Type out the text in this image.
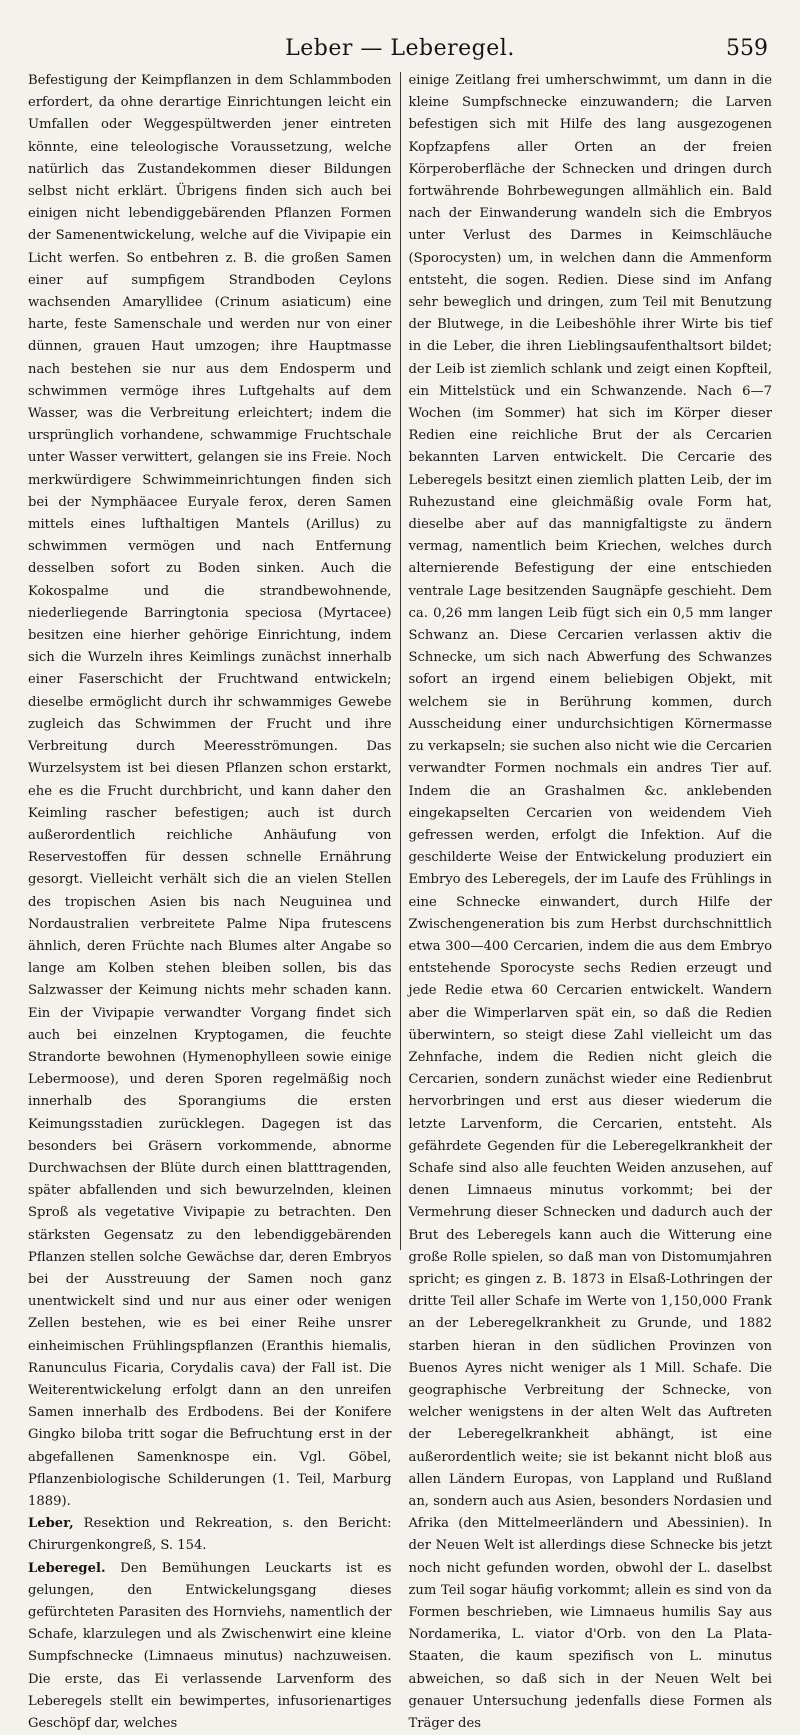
Leber — Leberegel.	559

Befestigung der Keimpflanzen in dem Schlammboden erfordert, da ohne derartige Einrichtungen leicht ein Umfallen oder Weggespültwerden jener eintreten könnte, eine teleologische Voraussetzung, welche natürlich das Zustandekommen dieser Bildungen selbst nicht erklärt. Übrigens finden sich auch bei einigen nicht lebendiggebärenden Pflanzen Formen der Samenentwickelung, welche auf die Vivipарie ein Licht werfen. So entbehren z. B. die großen Samen einer auf sumpfigem Strandboden Ceylons wachsenden Amaryllidee (Crinum asiaticum) eine harte, feste Samenschale und werden nur von einer dünnen, grauen Haut umzogen; ihre Hauptmasse nach bestehen sie nur aus dem Endosperm und schwimmen vermöge ihres Luftgehalts auf dem Wasser, was die Verbreitung erleichtert; indem die ursprünglich vorhandene, schwammige Fruchtschale unter Wasser verwittert, gelangen sie ins Freie. Noch merkwürdigere Schwimmeinrichtungen finden sich bei der Nymphäacee Euryale ferox, deren Samen mittels eines lufthaltigen Mantels (Arillus) zu schwimmen vermögen und nach Entfernung desselben sofort zu Boden sinken. Auch die Kokospalme und die strandbewohnende, niederliegende Barringtonia speciosa (Myrtacee) besitzen eine hierher gehörige Einrichtung, indem sich die Wurzeln ihres Keimlings zunächst innerhalb einer Faserschicht der Fruchtwand entwickeln; dieselbe ermöglicht durch ihr schwammiges Gewebe zugleich das Schwimmen der Frucht und ihre Verbreitung durch Meeresströmungen. Das Wurzelsystem ist bei diesen Pflanzen schon erstarkt, ehe es die Frucht durchbricht, und kann daher den Keimling rascher befestigen; auch ist durch außerordentlich reichliche Anhäufung von Reservestoffen für dessen schnelle Ernährung gesorgt. Vielleicht verhält sich die an vielen Stellen des tropischen Asien bis nach Neuguinea und Nordaustralien verbreitete Palme Nipa frutescens ähnlich, deren Früchte nach Blumes alter Angabe so lange am Kolben stehen bleiben sollen, bis das Salzwasser der Keimung nichts mehr schaden kann. Ein der Vivipарie verwandter Vorgang findet sich auch bei einzelnen Kryptogamen, die feuchte Strandorte bewohnen (Hymenophylleen sowie einige Lebermoose), und deren Sporen regelmäßig noch innerhalb des Sporangiums die ersten Keimungsstadien zurücklegen. Dagegen ist das besonders bei Gräsern vorkommende, abnorme Durchwachsen der Blüte durch einen blatttragenden, später abfallenden und sich bewurzelnden, kleinen Sproß als vegetative Vivipарie zu betrachten. Den stärksten Gegensatz zu den lebendiggebärenden Pflanzen stellen solche Gewächse dar, deren Embryos bei der Ausstreuung der Samen noch ganz unentwickelt sind und nur aus einer oder wenigen Zellen bestehen, wie es bei einer Reihe unsrer einheimischen Frühlingspflanzen (Eranthis hiemalis, Ranunculus Ficaria, Corydalis cava) der Fall ist. Die Weiterentwickelung erfolgt dann an den unreifen Samen innerhalb des Erdbodens. Bei der Konifere Gingko biloba tritt sogar die Befruchtung erst in der abgefallenen Samenknospe ein. Vgl. Göbel, Pflanzenbiologische Schilderungen (1. Teil, Marburg 1889).

Leber, Resektion und Rekreation, s. den Bericht: Chirurgenkongreß, S. 154.

Leberegel. Den Bemühungen Leuckarts ist es gelungen, den Entwickelungsgang dieses gefürchteten Parasiten des Hornviehs, namentlich der Schafe, klarzulegen und als Zwischenwirt eine kleine Sumpfschnecke (Limnaeus minutus) nachzuweisen. Die erste, das Ei verlassende Larvenform des Leberegels stellt ein bewimpertes, infusorienartiges Geschöpf dar, welches

einige Zeitlang frei umherschwimmt, um dann in die kleine Sumpfschnecke einzuwandern; die Larven befestigen sich mit Hilfe des lang ausgezogenen Kopfzapfens aller Orten an der freien Körperoberfläche der Schnecken und dringen durch fortwährende Bohrbewegungen allmählich ein. Bald nach der Einwanderung wandeln sich die Embryos unter Verlust des Darmes in Keimschläuche (Sporocysten) um, in welchen dann die Ammenform entsteht, die sogen. Redien. Diese sind im Anfang sehr beweglich und dringen, zum Teil mit Benutzung der Blutwege, in die Leibeshöhle ihrer Wirte bis tief in die Leber, die ihren Lieblingsaufenthaltsort bildet; der Leib ist ziemlich schlank und zeigt einen Kopfteil, ein Mittelstück und ein Schwanzende. Nach 6—7 Wochen (im Sommer) hat sich im Körper dieser Redien eine reichliche Brut der als Cercarien bekannten Larven entwickelt. Die Cercarie des Leberegels besitzt einen ziemlich platten Leib, der im Ruhezustand eine gleichmäßig ovale Form hat, dieselbe aber auf das mannigfaltigste zu ändern vermag, namentlich beim Kriechen, welches durch alternierende Befestigung der eine entschieden ventrale Lage besitzenden Saugnäpfe geschieht. Dem ca. 0,26 mm langen Leib fügt sich ein 0,5 mm langer Schwanz an. Diese Cercarien verlassen aktiv die Schnecke, um sich nach Abwerfung des Schwanzes sofort an irgend einem beliebigen Objekt, mit welchem sie in Berührung kommen, durch Ausscheidung einer undurchsichtigen Körnermasse zu verkapseln; sie suchen also nicht wie die Cercarien verwandter Formen nochmals ein andres Tier auf. Indem die an Grashalmen &c. anklebenden eingekapselten Cercarien von weidendem Vieh gefressen werden, erfolgt die Infektion. Auf die geschilderte Weise der Entwickelung produziert ein Embryo des Leberegels, der im Laufe des Frühlings in eine Schnecke einwandert, durch Hilfe der Zwischengeneration bis zum Herbst durchschnittlich etwa 300—400 Cercarien, indem die aus dem Embryo entstehende Sporocyste sechs Redien erzeugt und jede Redie etwa 60 Cercarien entwickelt. Wandern aber die Wimperlarven spät ein, so daß die Redien überwintern, so steigt diese Zahl vielleicht um das Zehnfache, indem die Redien nicht gleich die Cercarien, sondern zunächst wieder eine Redienbrut hervorbringen und erst aus dieser wiederum die letzte Larvenform, die Cercarien, entsteht. Als gefährdete Gegenden für die Leberegelkrankheit der Schafe sind also alle feuchten Weiden anzusehen, auf denen Limnaeus minutus vorkommt; bei der Vermehrung dieser Schnecken und dadurch auch der Brut des Leberegels kann auch die Witterung eine große Rolle spielen, so daß man von Distomumjahren spricht; es gingen z. B. 1873 in Elsaß-Lothringen der dritte Teil aller Schafe im Werte von 1,150,000 Frank an der Leberegelkrankheit zu Grunde, und 1882 starben hieran in den südlichen Provinzen von Buenos Ayres nicht weniger als 1 Mill. Schafe. Die geographische Verbreitung der Schnecke, von welcher wenigstens in der alten Welt das Auftreten der Leberegelkrankheit abhängt, ist eine außerordentlich weite; sie ist bekannt nicht bloß aus allen Ländern Europas, von Lappland und Rußland an, sondern auch aus Asien, besonders Nordasien und Afrika (den Mittelmeerländern und Abessinien). In der Neuen Welt ist allerdings diese Schnecke bis jetzt noch nicht gefunden worden, obwohl der L. daselbst zum Teil sogar häufig vorkommt; allein es sind von da Formen beschrieben, wie Limnaeus humilis Say aus Nordamerika, L. viator d'Orb. von den La Plata-Staaten, die kaum spezifisch von L. minutus abweichen, so daß sich in der Neuen Welt bei genauer Untersuchung jedenfalls diese Formen als Träger des
